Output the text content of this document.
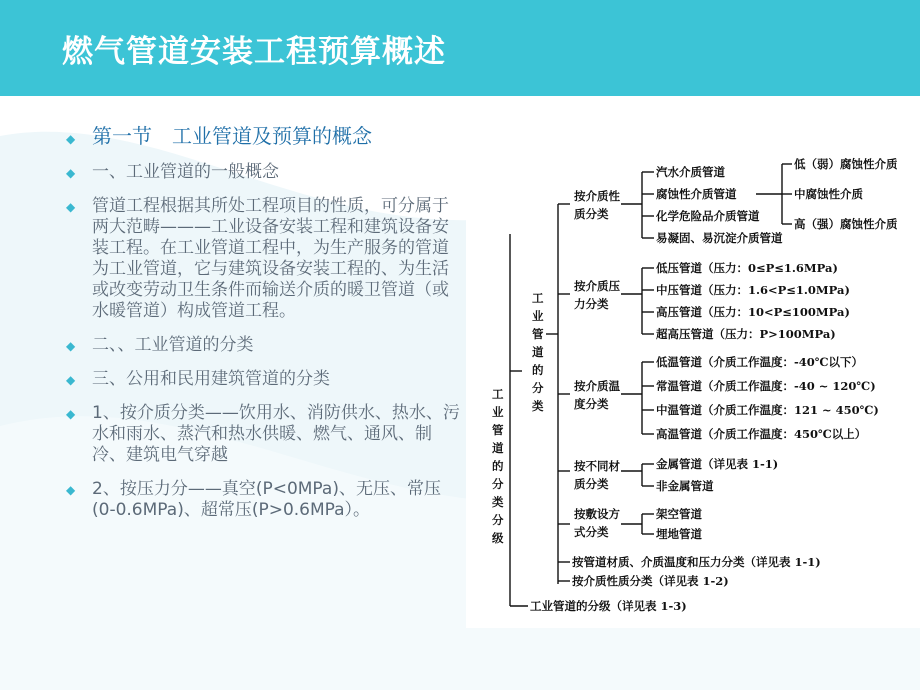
燃气管道安装工程预算概述
◆ 第一节　工业管道及预算的概念
◆ 一、工业管道的一般概念
◆ 管道工程根据其所处工程项目的性质，可分属于两大范畴———工业设备安装工程和建筑设备安装工程。在工业管道工程中，为生产服务的管道为工业管道，它与建筑设备安装工程的、为生活或改变劳动卫生条件而输送介质的暖卫管道（或水暖管道）构成管道工程。
◆ 二、、工业管道的分类
◆ 三、公用和民用建筑管道的分类
◆ 1、按介质分类——饮用水、消防供水、热水、污水和雨水、蒸汽和热水供暖、燃气、通风、制冷、建筑电气穿越
◆ 2、按压力分——真空(P<0MPa)、无压、常压(0-0.6MPa)、超常压(P>0.6MPa）。
工
业
管
道
的
分
类
分
级
工
业
管
道
的
分
类
按介质性
质分类
汽水介质管道
腐蚀性介质管道
化学危险品介质管道
易凝固、易沉淀介质管道
低（弱）腐蚀性介质
中腐蚀性介质
高（强）腐蚀性介质
按介质压
力分类
低压管道（压力：0≤P≤1.6MPa)
中压管道（压力：1.6<P≤1.0MPa)
高压管道（压力：10<P≤100MPa)
超高压管道（压力：P>100MPa)
按介质温
度分类
低温管道（介质工作温度：-40℃以下）
常温管道（介质工作温度：-40 ~ 120℃)
中温管道（介质工作温度：121 ~ 450℃)
高温管道（介质工作温度：450℃以上）
按不同材
质分类
金属管道（详见表 1-1)
非金属管道
按敷设方
式分类
架空管道
埋地管道
按管道材质、介质温度和压力分类（详见表 1-1)
按介质性质分类（详见表 1-2)
工业管道的分级（详见表 1-3)
